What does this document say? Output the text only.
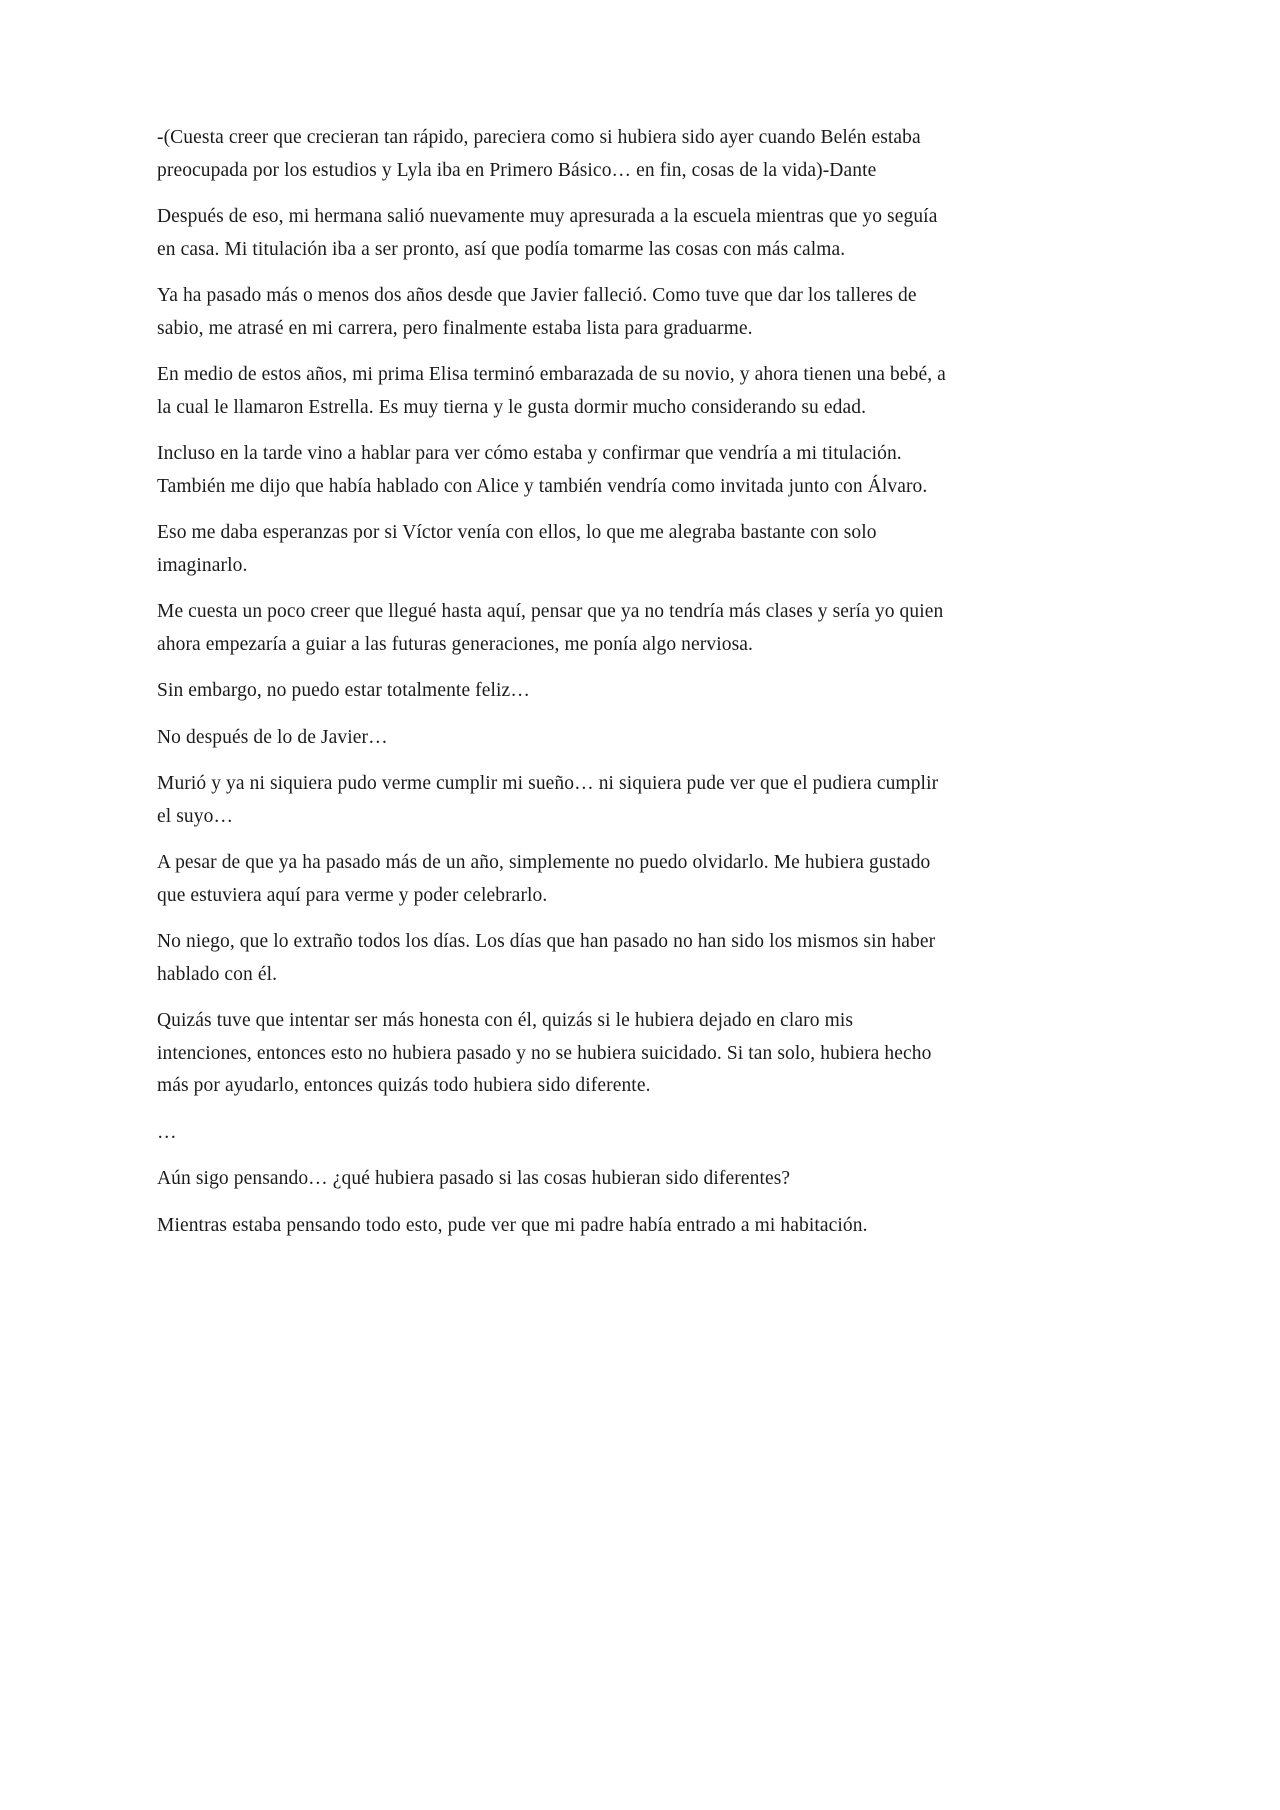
-(Cuesta creer que crecieran tan rápido, pareciera como si hubiera sido ayer cuando Belén estaba preocupada por los estudios y Lyla iba en Primero Básico… en fin, cosas de la vida)-Dante

Después de eso, mi hermana salió nuevamente muy apresurada a la escuela mientras que yo seguía en casa. Mi titulación iba a ser pronto, así que podía tomarme las cosas con más calma.

Ya ha pasado más o menos dos años desde que Javier falleció. Como tuve que dar los talleres de sabio, me atrasé en mi carrera, pero finalmente estaba lista para graduarme.

En medio de estos años, mi prima Elisa terminó embarazada de su novio, y ahora tienen una bebé, a la cual le llamaron Estrella. Es muy tierna y le gusta dormir mucho considerando su edad.

Incluso en la tarde vino a hablar para ver cómo estaba y confirmar que vendría a mi titulación. También me dijo que había hablado con Alice y también vendría como invitada junto con Álvaro.

Eso me daba esperanzas por si Víctor venía con ellos, lo que me alegraba bastante con solo imaginarlo.

Me cuesta un poco creer que llegué hasta aquí, pensar que ya no tendría más clases y sería yo quien ahora empezaría a guiar a las futuras generaciones, me ponía algo nerviosa.

Sin embargo, no puedo estar totalmente feliz…

No después de lo de Javier…

Murió y ya ni siquiera pudo verme cumplir mi sueño… ni siquiera pude ver que el pudiera cumplir el suyo…

A pesar de que ya ha pasado más de un año, simplemente no puedo olvidarlo. Me hubiera gustado que estuviera aquí para verme y poder celebrarlo.

No niego, que lo extraño todos los días. Los días que han pasado no han sido los mismos sin haber hablado con él.

Quizás tuve que intentar ser más honesta con él, quizás si le hubiera dejado en claro mis intenciones, entonces esto no hubiera pasado y no se hubiera suicidado. Si tan solo, hubiera hecho más por ayudarlo, entonces quizás todo hubiera sido diferente.

…

Aún sigo pensando… ¿qué hubiera pasado si las cosas hubieran sido diferentes?

Mientras estaba pensando todo esto, pude ver que mi padre había entrado a mi habitación.
